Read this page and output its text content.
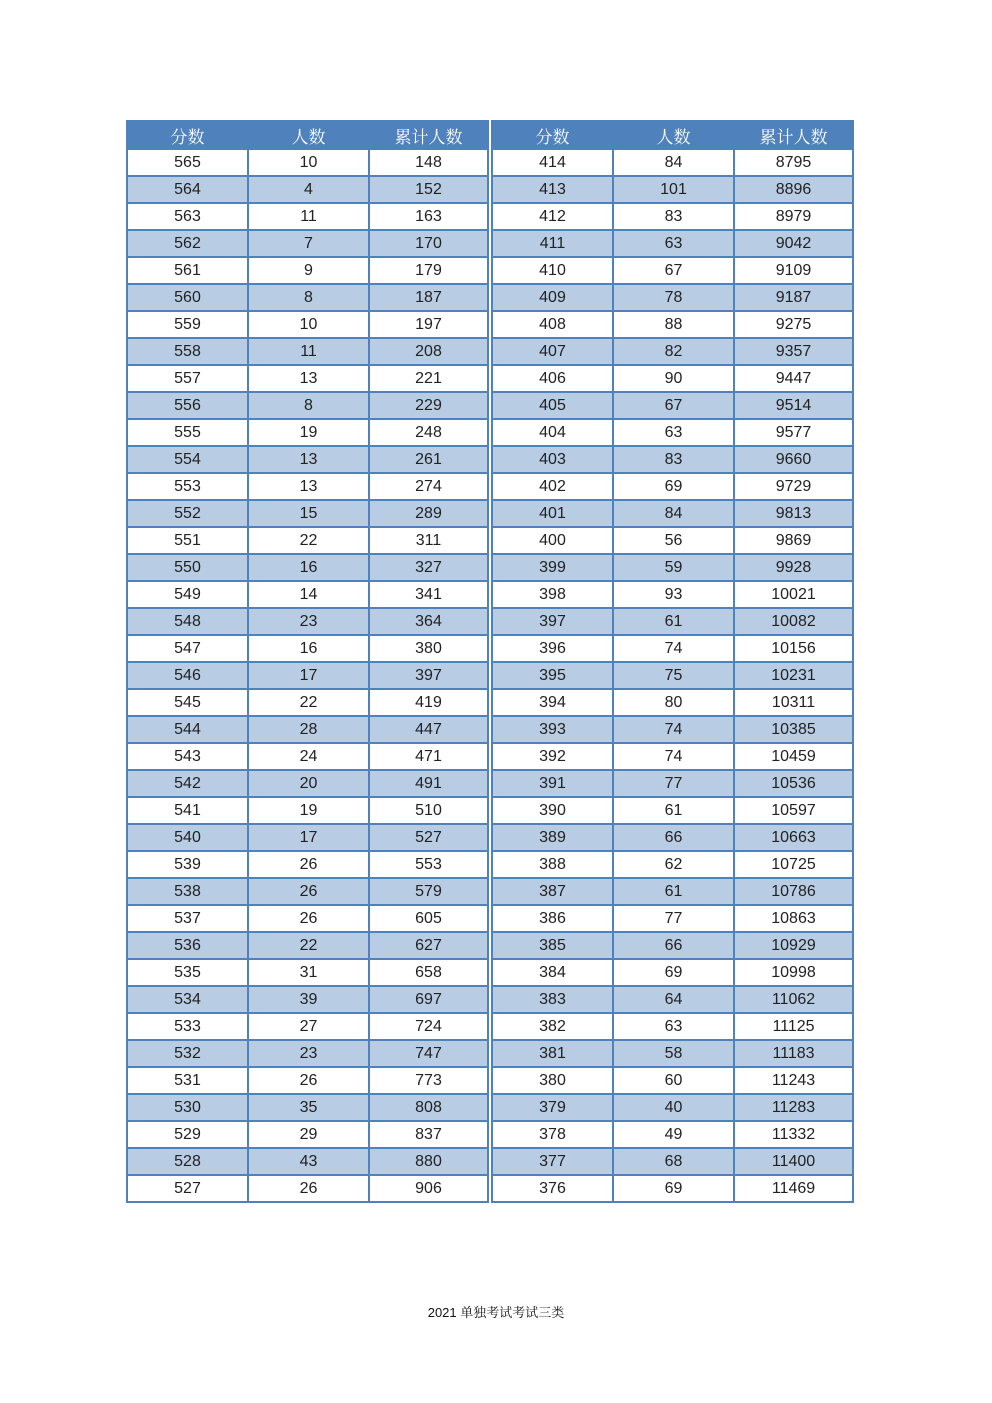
分数	人数	累计人数
565	10	148
564	4	152
563	11	163
562	7	170
561	9	179
560	8	187
559	10	197
558	11	208
557	13	221
556	8	229
555	19	248
554	13	261
553	13	274
552	15	289
551	22	311
550	16	327
549	14	341
548	23	364
547	16	380
546	17	397
545	22	419
544	28	447
543	24	471
542	20	491
541	19	510
540	17	527
539	26	553
538	26	579
537	26	605
536	22	627
535	31	658
534	39	697
533	27	724
532	23	747
531	26	773
530	35	808
529	29	837
528	43	880
527	26	906
分数	人数	累计人数
414	84	8795
413	101	8896
412	83	8979
411	63	9042
410	67	9109
409	78	9187
408	88	9275
407	82	9357
406	90	9447
405	67	9514
404	63	9577
403	83	9660
402	69	9729
401	84	9813
400	56	9869
399	59	9928
398	93	10021
397	61	10082
396	74	10156
395	75	10231
394	80	10311
393	74	10385
392	74	10459
391	77	10536
390	61	10597
389	66	10663
388	62	10725
387	61	10786
386	77	10863
385	66	10929
384	69	10998
383	64	11062
382	63	11125
381	58	11183
380	60	11243
379	40	11283
378	49	11332
377	68	11400
376	69	11469
2021 单独考试考试三类
